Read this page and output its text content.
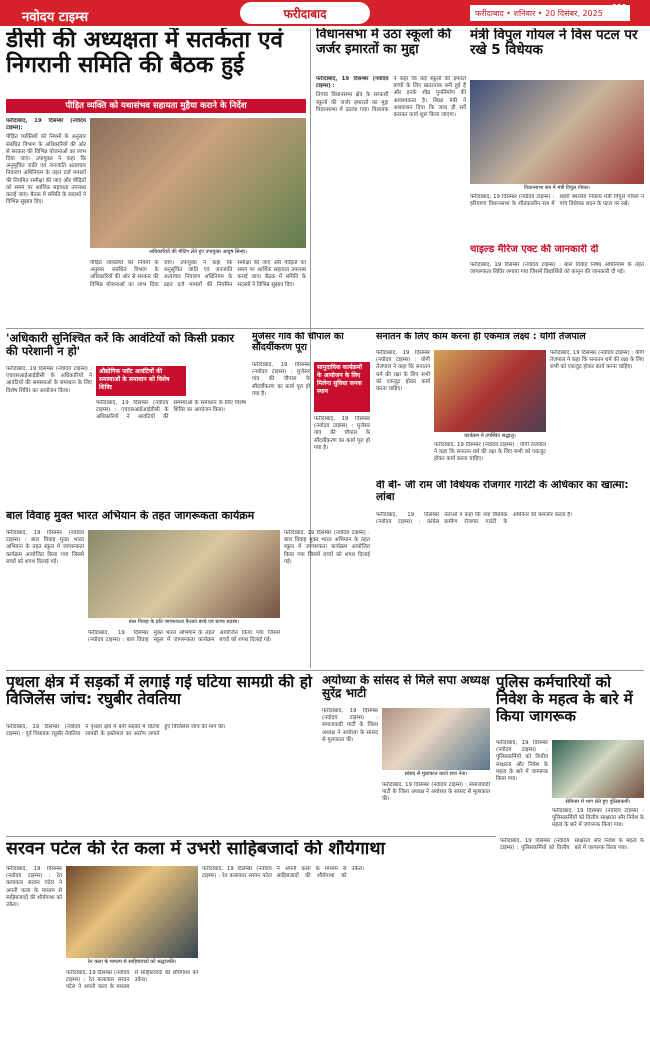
नवोदय टाइम्स	फरीदाबाद	फरीदाबाद • शनिवार • 20 दिसंबर, 2025 III
डीसी की अध्यक्षता में सतर्कता एवं निगरानी समिति की बैठक हुई
पीड़ित व्यक्ति को यथासंभव सहायता मुहैया कराने के निर्देश

फरीदाबाद, 19 दिसम्बर (नवोदय टाइम्स):

पीड़ित व्यक्तियों को नियमों के अनुसार संबंधित विभाग के अधिकारियों की ओर से सरकार की विभिन्न योजनाओं का लाभ दिया जाए। उपायुक्त ने कहा कि अनुसूचित जाति एवं जनजाति अत्याचार निवारण अधिनियम के तहत दर्ज मामलों की नियमित समीक्षा की जाए और पीड़ितों को समय पर आर्थिक सहायता उपलब्ध कराई जाए। बैठक में समिति के सदस्यों ने विभिन्न सुझाव दिए।

अधिकारियों की मीटिंग लेते हुए उपायुक्त आयुष सिन्हा।
पीड़ित व्यक्तियों को नियमों के अनुसार संबंधित विभाग के अधिकारियों की ओर से सरकार की विभिन्न योजनाओं का लाभ दिया जाए। उपायुक्त ने कहा कि अनुसूचित जाति एवं जनजाति अत्याचार निवारण अधिनियम के तहत दर्ज मामलों की नियमित समीक्षा की जाए और पीड़ितों को समय पर आर्थिक सहायता उपलब्ध कराई जाए। बैठक में समिति के सदस्यों ने विभिन्न सुझाव दिए।
विधानसभा में उठा स्कूलों की जर्जर इमारतों का मुद्दा

फरीदाबाद, 19 दिसम्बर (नवोदय टाइम्स) :

तिगांव विधानसभा क्षेत्र के सरकारी स्कूलों की जर्जर इमारतों का मुद्दा विधानसभा में उठाया गया। विधायक ने कहा कि कई स्कूलों की इमारतें बच्चों के लिए खतरनाक बनी हुई हैं और इनके शीघ्र पुनर्निर्माण की आवश्यकता है। शिक्षा मंत्री ने आश्वासन दिया कि जल्द ही सर्वे कराकर कार्य शुरू किया जाएगा।

मंत्री विपुल गोयल ने विस पटल पर रखे 5 विधेयक
विधानसभा सत्र में मंत्री विपुल गोयल।
फरीदाबाद, 19 दिसम्बर (नवोदय टाइम्स) : हरियाणा विधानसभा के शीतकालीन सत्र में शहरी स्थानीय निकाय मंत्री विपुल गोयल ने पांच विधेयक सदन के पटल पर रखे।
चाइल्ड मैरिज एक्ट की जानकारी दी
फरीदाबाद, 19 दिसम्बर (नवोदय टाइम्स) : बाल विवाह निषेध अधिनियम के तहत जागरूकता शिविर लगाया गया जिसमें विद्यार्थियों को कानून की जानकारी दी गई।
'अधिकारी सुनिश्चित करें कि आवंटियों को किसी प्रकार की परेशानी न हो'
औद्योगिक प्लॉट आवंटियों की समस्याओं के समाधान को विशेष शिविर
फरीदाबाद, 19 दिसम्बर (नवोदय टाइम्स) : एचएसआईआईडीसी के अधिकारियों ने आवंटियों की समस्याओं के समाधान के लिए विशेष शिविर का आयोजन किया।
फरीदाबाद, 19 दिसम्बर (नवोदय टाइम्स) : एचएसआईआईडीसी के अधिकारियों ने आवंटियों की समस्याओं के समाधान के लिए विशेष शिविर का आयोजन किया।
मुजेसर गांव की चौपाल का सौंदर्यीकरण पूरा
सामुदायिक कार्यक्रमों के आयोजन के लिए मिलेगा सुविधा जनक स्थान
फरीदाबाद, 19 दिसम्बर (नवोदय टाइम्स) : मुजेसर गांव की चौपाल के सौंदर्यीकरण का कार्य पूरा हो गया है।
फरीदाबाद, 19 दिसम्बर (नवोदय टाइम्स) : मुजेसर गांव की चौपाल के सौंदर्यीकरण का कार्य पूरा हो गया है।
सनातन के लिए काम करना ही एकमात्र लक्ष्य : योगी तेजपाल
फरीदाबाद, 19 दिसम्बर (नवोदय टाइम्स) : योगी तेजपाल ने कहा कि सनातन धर्म की रक्षा के लिए सभी को एकजुट होकर कार्य करना चाहिए।
कार्यक्रम में उपस्थित श्रद्धालु।
फरीदाबाद, 19 दिसम्बर (नवोदय टाइम्स) : योगी तेजपाल ने कहा कि सनातन धर्म की रक्षा के लिए सभी को एकजुट होकर कार्य करना चाहिए।
फरीदाबाद, 19 दिसम्बर (नवोदय टाइम्स) : योगी तेजपाल ने कहा कि सनातन धर्म की रक्षा के लिए सभी को एकजुट होकर कार्य करना चाहिए।
वी बी- जी राम जी विधेयक रोजगार गारंटी के अधिकार का खात्मा: लांबा
फरीदाबाद, 19 दिसम्बर (नवोदय टाइम्स) : कांग्रेस नेताओं ने कहा कि नया विधेयक ग्रामीण रोजगार गारंटी के अधिकार को कमजोर करता है।
बाल विवाह मुक्त भारत अभियान के तहत जागरूकता कार्यक्रम
फरीदाबाद, 19 दिसम्बर (नवोदय टाइम्स) : बाल विवाह मुक्त भारत अभियान के तहत स्कूल में जागरूकता कार्यक्रम आयोजित किया गया जिसमें बच्चों को शपथ दिलाई गई।
बाल विवाह के प्रति जागरूकता फैलाते बच्चे एवं स्टाफ सदस्य।
फरीदाबाद, 19 दिसम्बर (नवोदय टाइम्स) : बाल विवाह मुक्त भारत अभियान के तहत स्कूल में जागरूकता कार्यक्रम आयोजित किया गया जिसमें बच्चों को शपथ दिलाई गई।
फरीदाबाद, 19 दिसम्बर (नवोदय टाइम्स) : बाल विवाह मुक्त भारत अभियान के तहत स्कूल में जागरूकता कार्यक्रम आयोजित किया गया जिसमें बच्चों को शपथ दिलाई गई।
पृथला क्षेत्र में सड़कों में लगाई गई घटिया सामग्री की हो विजिलेंस जांच: रघुबीर तेवतिया
फरीदाबाद, 19 दिसम्बर (नवोदय टाइम्स) : पूर्व विधायक रघुबीर तेवतिया ने पृथला क्षेत्र में बनी सड़कों में घटिया सामग्री के इस्तेमाल का आरोप लगाते हुए विजिलेंस जांच की मांग की।
अयोध्या के सांसद से मिले सपा अध्यक्ष सुरेंद्र भाटी
फरीदाबाद, 19 दिसम्बर (नवोदय टाइम्स) : समाजवादी पार्टी के जिला अध्यक्ष ने अयोध्या के सांसद से मुलाकात की।
सांसद से मुलाकात करते सपा नेता।
फरीदाबाद, 19 दिसम्बर (नवोदय टाइम्स) : समाजवादी पार्टी के जिला अध्यक्ष ने अयोध्या के सांसद से मुलाकात की।
पुलिस कर्मचारियों को निवेश के महत्व के बारे में किया जागरूक
फरीदाबाद, 19 दिसम्बर (नवोदय टाइम्स) : पुलिसकर्मियों को वित्तीय साक्षरता और निवेश के महत्व के बारे में जागरूक किया गया।
सेमिनार में भाग लेते हुए पुलिसकर्मी।
फरीदाबाद, 19 दिसम्बर (नवोदय टाइम्स) : पुलिसकर्मियों को वित्तीय साक्षरता और निवेश के महत्व के बारे में जागरूक किया गया।
सरवन पटेल की रेत कला में उभरी साहिबजादों की शौर्यगाथा
फरीदाबाद, 19 दिसम्बर (नवोदय टाइम्स) : रेत कलाकार सरवन पटेल ने अपनी कला के माध्यम से साहिबजादों की शौर्यगाथा को उकेरा।
रेत कला के माध्यम से साहिबजादों को श्रद्धांजलि।
फरीदाबाद, 19 दिसम्बर (नवोदय टाइम्स) : रेत कलाकार सरवन पटेल ने अपनी कला के माध्यम से साहिबजादों की शौर्यगाथा को उकेरा।
फरीदाबाद, 19 दिसम्बर (नवोदय टाइम्स) : रेत कलाकार सरवन पटेल ने अपनी कला के माध्यम से साहिबजादों की शौर्यगाथा को उकेरा।
फरीदाबाद, 19 दिसम्बर (नवोदय टाइम्स) : पुलिसकर्मियों को वित्तीय साक्षरता और निवेश के महत्व के बारे में जागरूक किया गया।
